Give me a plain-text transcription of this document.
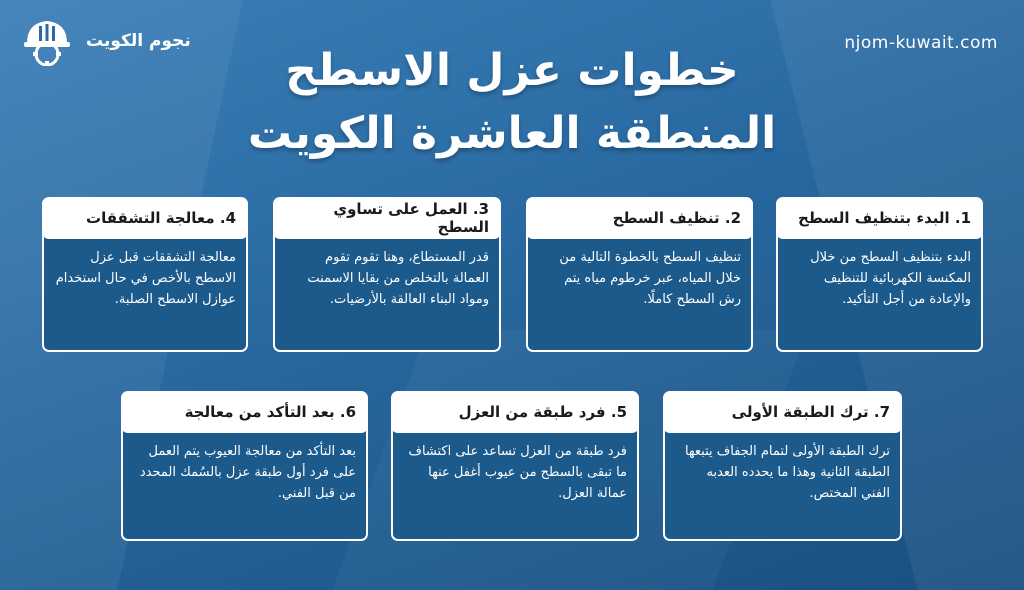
نجوم الكويت	njom-kuwait.com
خطوات عزل الاسطح
المنطقة العاشرة الكويت
1. البدء بتنظيف السطح
البدء بتنظيف السطح من خلال المكنسة الكهربائية للتنظيف والإعادة من أجل التأكيد.
2. تنظيف السطح
تنظيف السطح بالخطوة التالية من خلال المياه، عبر خرطوم مياه يتم رش السطح كاملًا.
3. العمل على تساوي السطح
قدر المستطاع، وهنا تقوم تقوم العمالة بالتخلص من بقايا الاسمنت ومواد البناء العالقة بالأرضيات.
4. معالجة التشققات
معالجة التشققات قبل عزل الاسطح بالأخص في حال استخدام عوازل الاسطح الصلبة.
7. ترك الطبقة الأولى
ترك الطبقة الأولى لتمام الجفاف يتبعها الطبقة الثانية وهذا ما يحدده العدبه الفني المختص.
5. فرد طبقة من العزل
فرد طبقة من العزل تساعد على اكتشاف ما تبقى بالسطح من عيوب أغفل عنها عمالة العزل.
6. بعد التأكد من معالجة
بعد التأكد من معالجة العيوب يتم العمل على فرد أول طبقة عزل بالسُمك المحدد من قبل الفني.
